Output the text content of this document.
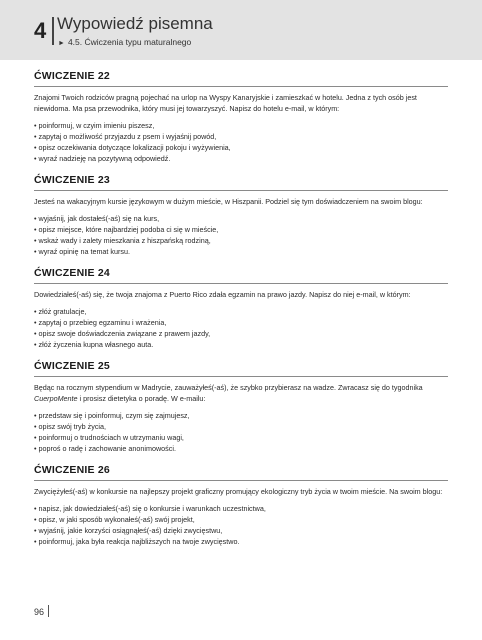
4 Wypowiedź pisemna
► 4.5. Ćwiczenia typu maturalnego
ĆWICZENIE 22
Znajomi Twoich rodziców pragną pojechać na urlop na Wyspy Kanaryjskie i zamieszkać w hotelu. Jedna z tych osób jest niewidoma. Ma psa przewodnika, który musi jej towarzyszyć. Napisz do hotelu e-mail, w którym:
• poinformuj, w czyim imieniu piszesz,
• zapytaj o możliwość przyjazdu z psem i wyjaśnij powód,
• opisz oczekiwania dotyczące lokalizacji pokoju i wyżywienia,
• wyraź nadzieję na pozytywną odpowiedź.
ĆWICZENIE 23
Jesteś na wakacyjnym kursie językowym w dużym mieście, w Hiszpanii. Podziel się tym doświadczeniem na swoim blogu:
• wyjaśnij, jak dostałeś(-aś) się na kurs,
• opisz miejsce, które najbardziej podoba ci się w mieście,
• wskaż wady i zalety mieszkania z hiszpańską rodziną,
• wyraź opinię na temat kursu.
ĆWICZENIE 24
Dowiedziałeś(-aś) się, że twoja znajoma z Puerto Rico zdała egzamin na prawo jazdy. Napisz do niej e-mail, w którym:
• złóż gratulacje,
• zapytaj o przebieg egzaminu i wrażenia,
• opisz swoje doświadczenia związane z prawem jazdy,
• złóż życzenia kupna własnego auta.
ĆWICZENIE 25
Będąc na rocznym stypendium w Madrycie, zauważyłeś(-aś), że szybko przybierasz na wadze. Zwracasz się do tygodnika CuerpoMente i prosisz dietetyka o poradę. W e-mailu:
• przedstaw się i poinformuj, czym się zajmujesz,
• opisz swój tryb życia,
• poinformuj o trudnościach w utrzymaniu wagi,
• poproś o radę i zachowanie anonimowości.
ĆWICZENIE 26
Zwyciężyłeś(-aś) w konkursie na najlepszy projekt graficzny promujący ekologiczny tryb życia w twoim mieście. Na swoim blogu:
• napisz, jak dowiedziałeś(-aś) się o konkursie i warunkach uczestnictwa,
• opisz, w jaki sposób wykonałeś(-aś) swój projekt,
• wyjaśnij, jakie korzyści osiągnąłeś(-aś) dzięki zwycięstwu,
• poinformuj, jaka była reakcja najbliższych na twoje zwycięstwo.
96
